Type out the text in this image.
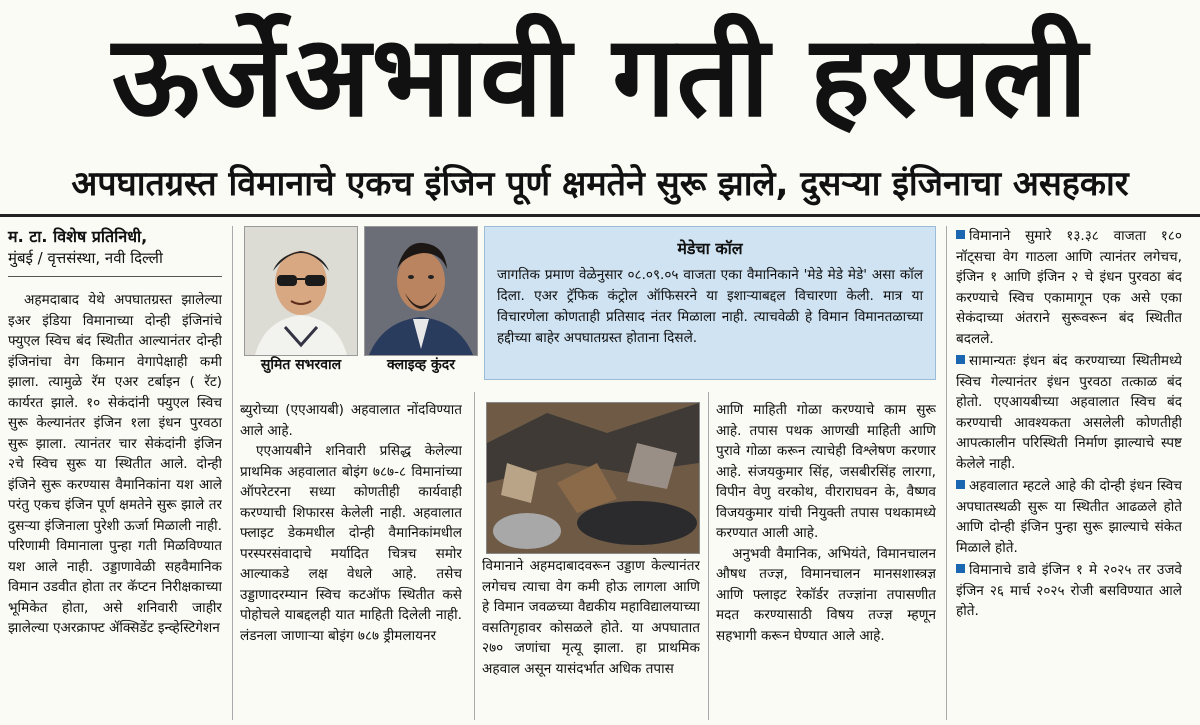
ऊर्जेअभावी गती हरपली
अपघातग्रस्त विमानाचे एकच इंजिन पूर्ण क्षमतेने सुरू झाले, दुसऱ्या इंजिनाचा असहकार
म. टा. विशेष प्रतिनिधी,
मुंबई / वृत्तसंस्था, नवी दिल्ली

अहमदाबाद येथे अपघातग्रस्त झालेल्या इअर इंडिया विमानाच्या दोन्ही इंजिनांचे फ्युएल स्विच बंद स्थितीत आल्यानंतर दोन्ही इंजिनांचा वेग किमान वेगापेक्षाही कमी झाला. त्यामुळे रॅम एअर टर्बाइन ( रॅट) कार्यरत झाले. १० सेकंदांनी फ्युएल स्विच सुरू केल्यानंतर इंजिन १ला इंधन पुरवठा सुरू झाला. त्यानंतर चार सेकंदांनी इंजिन २चे स्विच सुरू या स्थितीत आले. दोन्ही इंजिने सुरू करण्यास वैमानिकांना यश आले परंतु एकच इंजिन पूर्ण क्षमतेने सुरू झाले तर दुसऱ्या इंजिनाला पुरेशी ऊर्जा मिळाली नाही. परिणामी विमानाला पुन्हा गती मिळविण्यात यश आले नाही. उड्डाणावेळी सहवैमानिक विमान उडवीत होता तर कॅप्टन निरीक्षकाच्या भूमिकेत होता, असे शनिवारी जाहीर झालेल्या एअरक्राफ्ट ॲक्सिडेंट इन्व्हेस्टिगेशन

सुमित सभरवाल	क्लाइव्ह कुंदर
मेडेचा कॉल
जागतिक प्रमाण वेळेनुसार ०८.०९.०५ वाजता एका वैमानिकाने 'मेडे मेडे मेडे' असा कॉल दिला. एअर ट्रॅफिक कंट्रोल ऑफिसरने या इशाऱ्याबद्दल विचारणा केली. मात्र या विचारणेला कोणताही प्रतिसाद नंतर मिळाला नाही. त्याचवेळी हे विमान विमानतळाच्या हद्दीच्या बाहेर अपघातग्रस्त होताना दिसले.

ब्युरोच्या (एएआयबी) अहवालात नोंदविण्यात आले आहे.

एएआयबीने शनिवारी प्रसिद्ध केलेल्या प्राथमिक अहवालात बोइंग ७८७-८ विमानांच्या ऑपरेटरना सध्या कोणतीही कार्यवाही करण्याची शिफारस केलेली नाही. अहवालात फ्लाइट डेकमधील दोन्ही वैमानिकांमधील परस्परसंवादाचे मर्यादित चित्रच समोर आल्याकडे लक्ष वेधले आहे. तसेच उड्डाणादरम्यान स्विच कटऑफ स्थितीत कसे पोहोचले याबद्दलही यात माहिती दिलेली नाही. लंडनला जाणाऱ्या बोइंग ७८७ ड्रीमलायनर

विमानाने अहमदाबादवरून उड्डाण केल्यानंतर लगेचच त्याचा वेग कमी होऊ लागला आणि हे विमान जवळच्या वैद्यकीय महाविद्यालयाच्या वसतिगृहावर कोसळले होते. या अपघातात २७० जणांचा मृत्यू झाला. हा प्राथमिक अहवाल असून यासंदर्भात अधिक तपास

आणि माहिती गोळा करण्याचे काम सुरू आहे. तपास पथक आणखी माहिती आणि पुरावे गोळा करून त्याचेही विश्लेषण करणार आहे. संजयकुमार सिंह, जसबीरसिंह लारगा, विपीन वेणु वरकोथ, वीराराघवन के, वैष्णव विजयकुमार यांची नियुक्ती तपास पथकामध्ये करण्यात आली आहे.

अनुभवी वैमानिक, अभियंते, विमानचालन औषध तज्ज्ञ, विमानचालन मानसशास्त्रज्ञ आणि फ्लाइट रेकॉर्डर तज्ज्ञांना तपासणीत मदत करण्यासाठी विषय तज्ज्ञ म्हणून सहभागी करून घेण्यात आले आहे.

विमानाने सुमारे १३.३८ वाजता १८० नॉट्सचा वेग गाठला आणि त्यानंतर लगेचच, इंजिन १ आणि इंजिन २ चे इंधन पुरवठा बंद करण्याचे स्विच एकामागून एक असे एका सेकंदाच्या अंतराने सुरूवरून बंद स्थितीत बदलले.

सामान्यतः इंधन बंद करण्याच्या स्थितीमध्ये स्विच गेल्यानंतर इंधन पुरवठा तत्काळ बंद होतो. एएआयबीच्या अहवालात स्विच बंद करण्याची आवश्यकता असलेली कोणतीही आपत्कालीन परिस्थिती निर्माण झाल्याचे स्पष्ट केलेले नाही.

अहवालात म्हटले आहे की दोन्ही इंधन स्विच अपघातस्थळी सुरू या स्थितीत आढळले होते आणि दोन्ही इंजिन पुन्हा सुरू झाल्याचे संकेत मिळाले होते.

विमानाचे डावे इंजिन १ मे २०२५ तर उजवे इंजिन २६ मार्च २०२५ रोजी बसविण्यात आले होते.
